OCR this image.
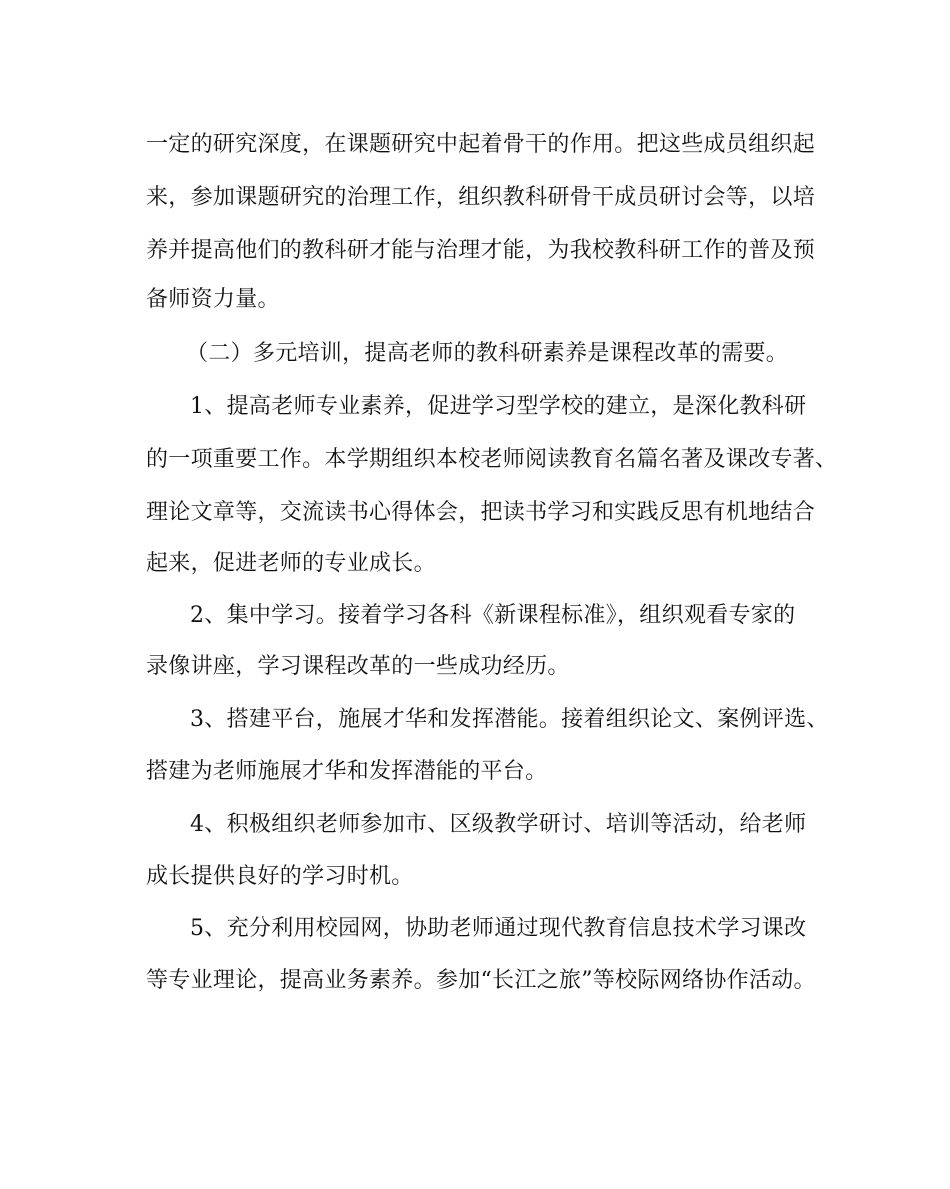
一定的研究深度，在课题研究中起着骨干的作用。把这些成员组织起
来，参加课题研究的治理工作，组织教科研骨干成员研讨会等，以培
养并提高他们的教科研才能与治理才能，为我校教科研工作的普及预
备师资力量。
（二）多元培训，提高老师的教科研素养是课程改革的需要。
1、提高老师专业素养，促进学习型学校的建立，是深化教科研
的一项重要工作。本学期组织本校老师阅读教育名篇名著及课改专著、
理论文章等，交流读书心得体会，把读书学习和实践反思有机地结合
起来，促进老师的专业成长。
2、集中学习。接着学习各科《新课程标准》，组织观看专家的
录像讲座，学习课程改革的一些成功经历。
3、搭建平台，施展才华和发挥潜能。接着组织论文、案例评选、
搭建为老师施展才华和发挥潜能的平台。
4、积极组织老师参加市、区级教学研讨、培训等活动，给老师
成长提供良好的学习时机。
5、充分利用校园网，协助老师通过现代教育信息技术学习课改
等专业理论，提高业务素养。参加“长江之旅”等校际网络协作活动。
